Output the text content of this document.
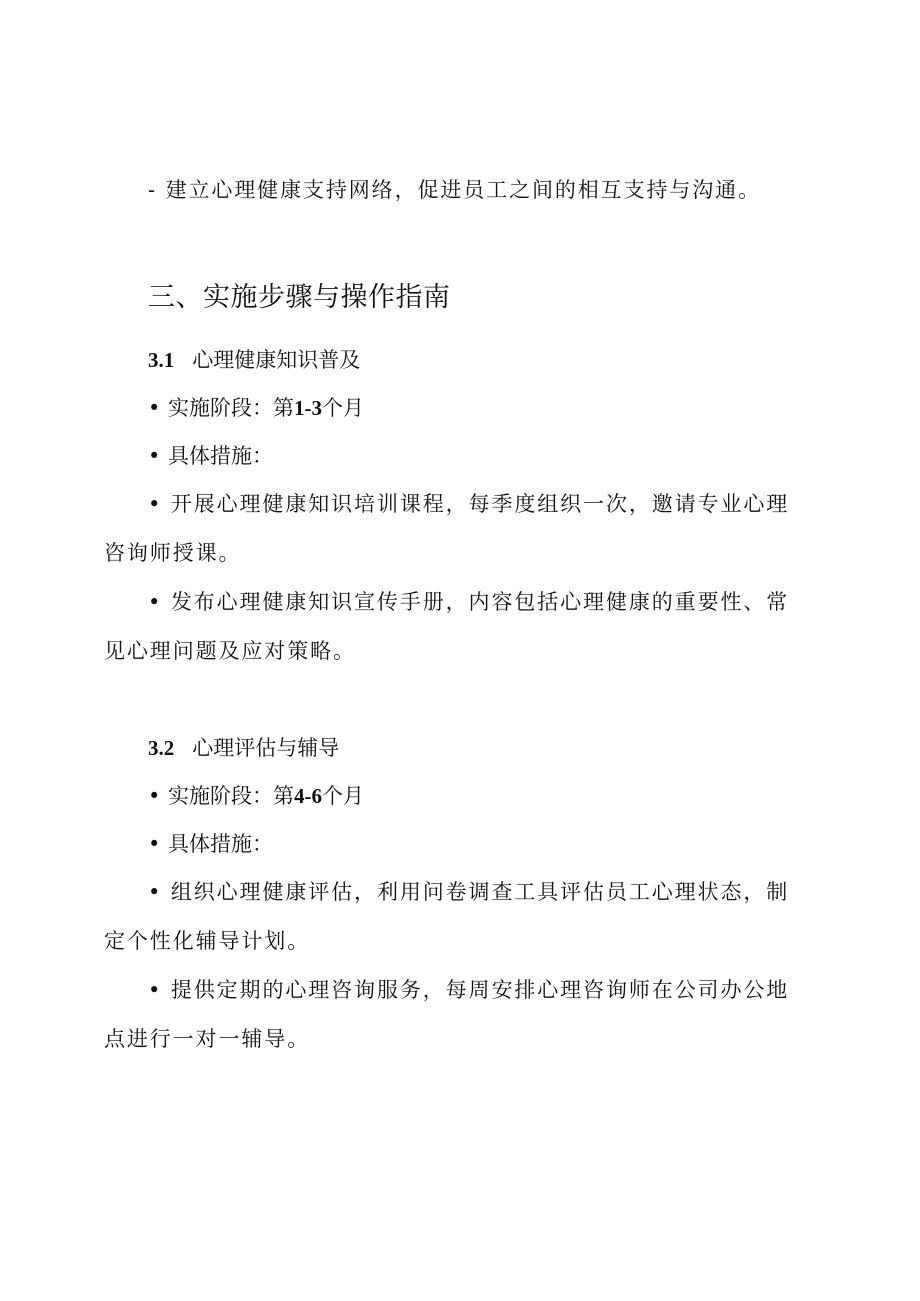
- 建立心理健康支持网络，促进员工之间的相互支持与沟通。

三、实施步骤与操作指南
3.1 心理健康知识普及
• 实施阶段：第1-3个月
• 具体措施：

• 开展心理健康知识培训课程，每季度组织一次，邀请专业心理

咨询师授课。

• 发布心理健康知识宣传手册，内容包括心理健康的重要性、常

见心理问题及应对策略。

3.2 心理评估与辅导
• 实施阶段：第4-6个月
• 具体措施：

• 组织心理健康评估，利用问卷调查工具评估员工心理状态，制

定个性化辅导计划。

• 提供定期的心理咨询服务，每周安排心理咨询师在公司办公地

点进行一对一辅导。
